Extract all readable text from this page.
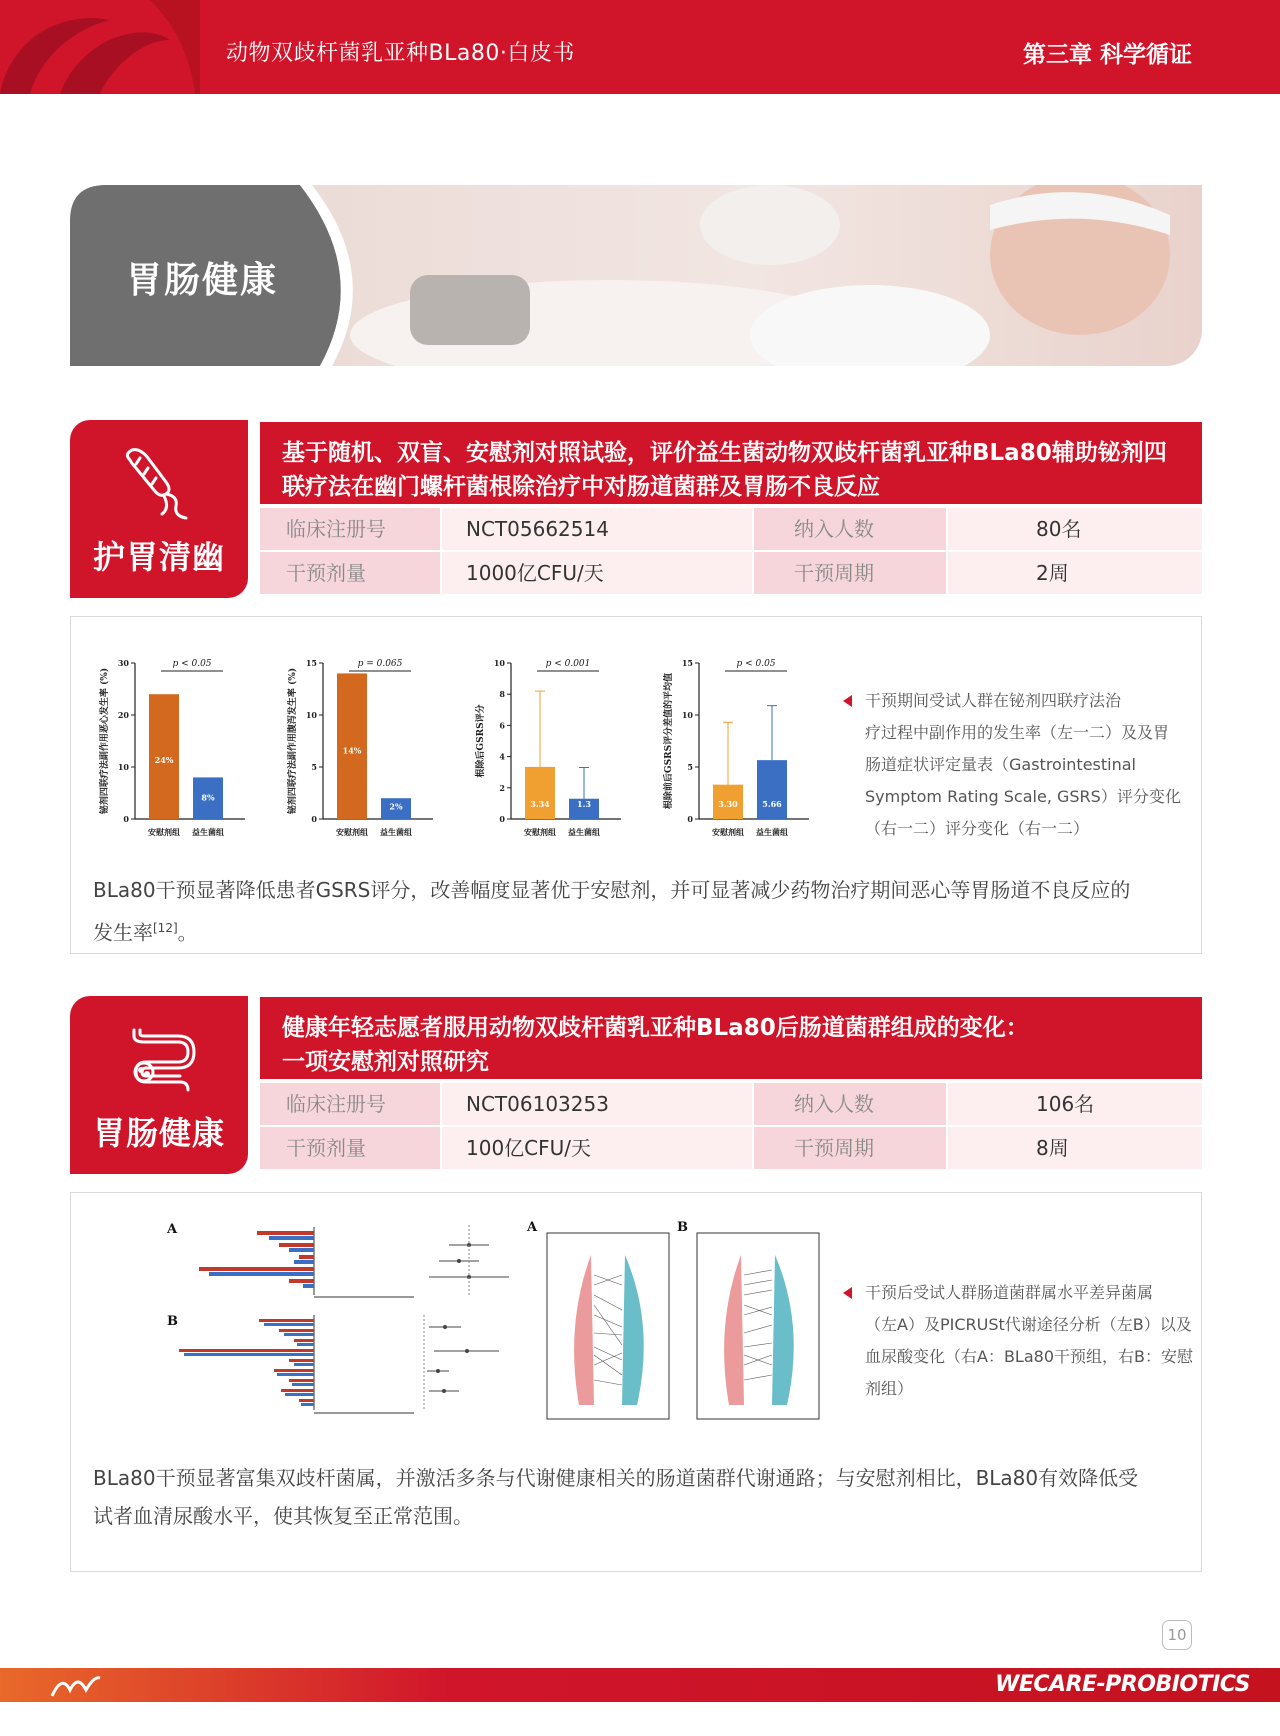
动物双歧杆菌乳亚种BLa80·白皮书	第三章 科学循证
胃肠健康
护胃清幽
基于随机、双盲、安慰剂对照试验，评价益生菌动物双歧杆菌乳亚种BLa80辅助铋剂四
联疗法在幽门螺杆菌根除治疗中对肠道菌群及胃肠不良反应
临床注册号	NCT05662514	纳入人数	80名
干预剂量	1000亿CFU/天	干预周期	2周
铋剂四联疗法副作用恶心发生率 (%)
0
10
20
30
24%
安慰剂组
8%
益生菌组
p < 0.05
铋剂四联疗法副作用腹泻发生率 (%)
0
5
10
15
14%
安慰剂组
2%
益生菌组
p = 0.065
根除后GSRS评分
0
2
4
6
8
10
3.34
安慰剂组
1.3
益生菌组
p < 0.001
根除前后GSRS评分差值的平均值
0
5
10
15
3.30
安慰剂组
5.66
益生菌组
p < 0.05
干预期间受试人群在铋剂四联疗法治
疗过程中副作用的发生率（左一二）及及胃
肠道症状评定量表（Gastrointestinal
Symptom Rating Scale, GSRS）评分变化
（右一二）评分变化（右一二）
BLa80干预显著降低患者GSRS评分，改善幅度显著优于安慰剂，并可显著减少药物治疗期间恶心等胃肠道不良反应的
发生率[12]。
胃肠健康
健康年轻志愿者服用动物双歧杆菌乳亚种BLa80后肠道菌群组成的变化：
一项安慰剂对照研究
临床注册号	NCT06103253	纳入人数	106名
干预剂量	100亿CFU/天	干预周期	8周
A
B
A	B
干预后受试人群肠道菌群属水平差异菌属
（左A）及PICRUSt代谢途径分析（左B）以及
血尿酸变化（右A：BLa80干预组，右B：安慰
剂组）
BLa80干预显著富集双歧杆菌属，并激活多条与代谢健康相关的肠道菌群代谢通路；与安慰剂相比，BLa80有效降低受
试者血清尿酸水平，使其恢复至正常范围。
10
WECARE-PROBIOTICS
